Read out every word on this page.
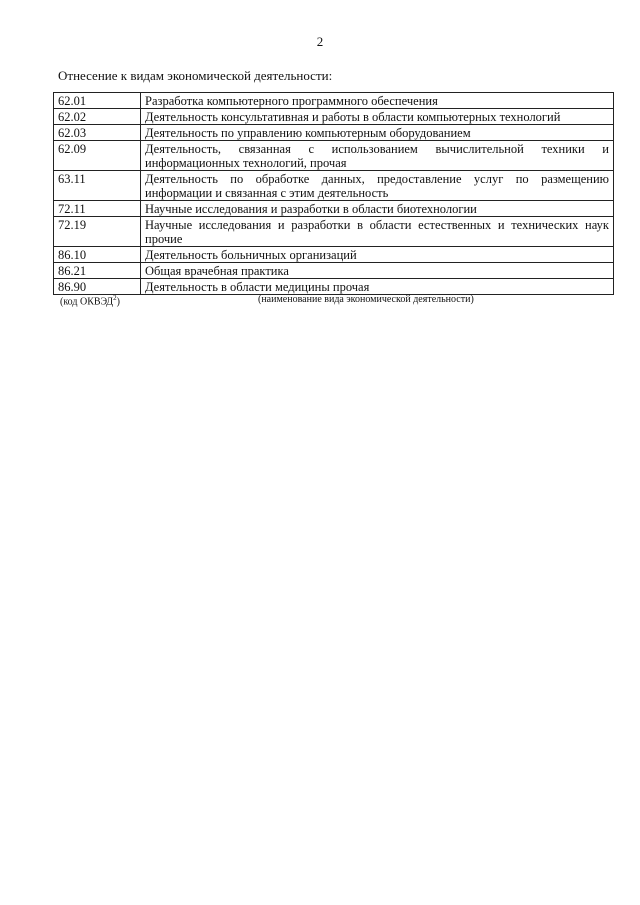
2
Отнесение к видам экономической деятельности:
62.01	Разработка компьютерного программного обеспечения
62.02	Деятельность консультативная и работы в области компьютерных технологий
62.03	Деятельность по управлению компьютерным оборудованием
62.09	Деятельность, связанная с использованием вычислительной техники и информационных технологий, прочая
63.11	Деятельность по обработке данных, предоставление услуг по размещению информации и связанная с этим деятельность
72.11	Научные исследования и разработки в области биотехнологии
72.19	Научные исследования и разработки в области естественных и технических наук прочие
86.10	Деятельность больничных организаций
86.21	Общая врачебная практика
86.90	Деятельность в области медицины прочая
(код ОКВЭД$^2$)	(наименование вида экономической деятельности)
